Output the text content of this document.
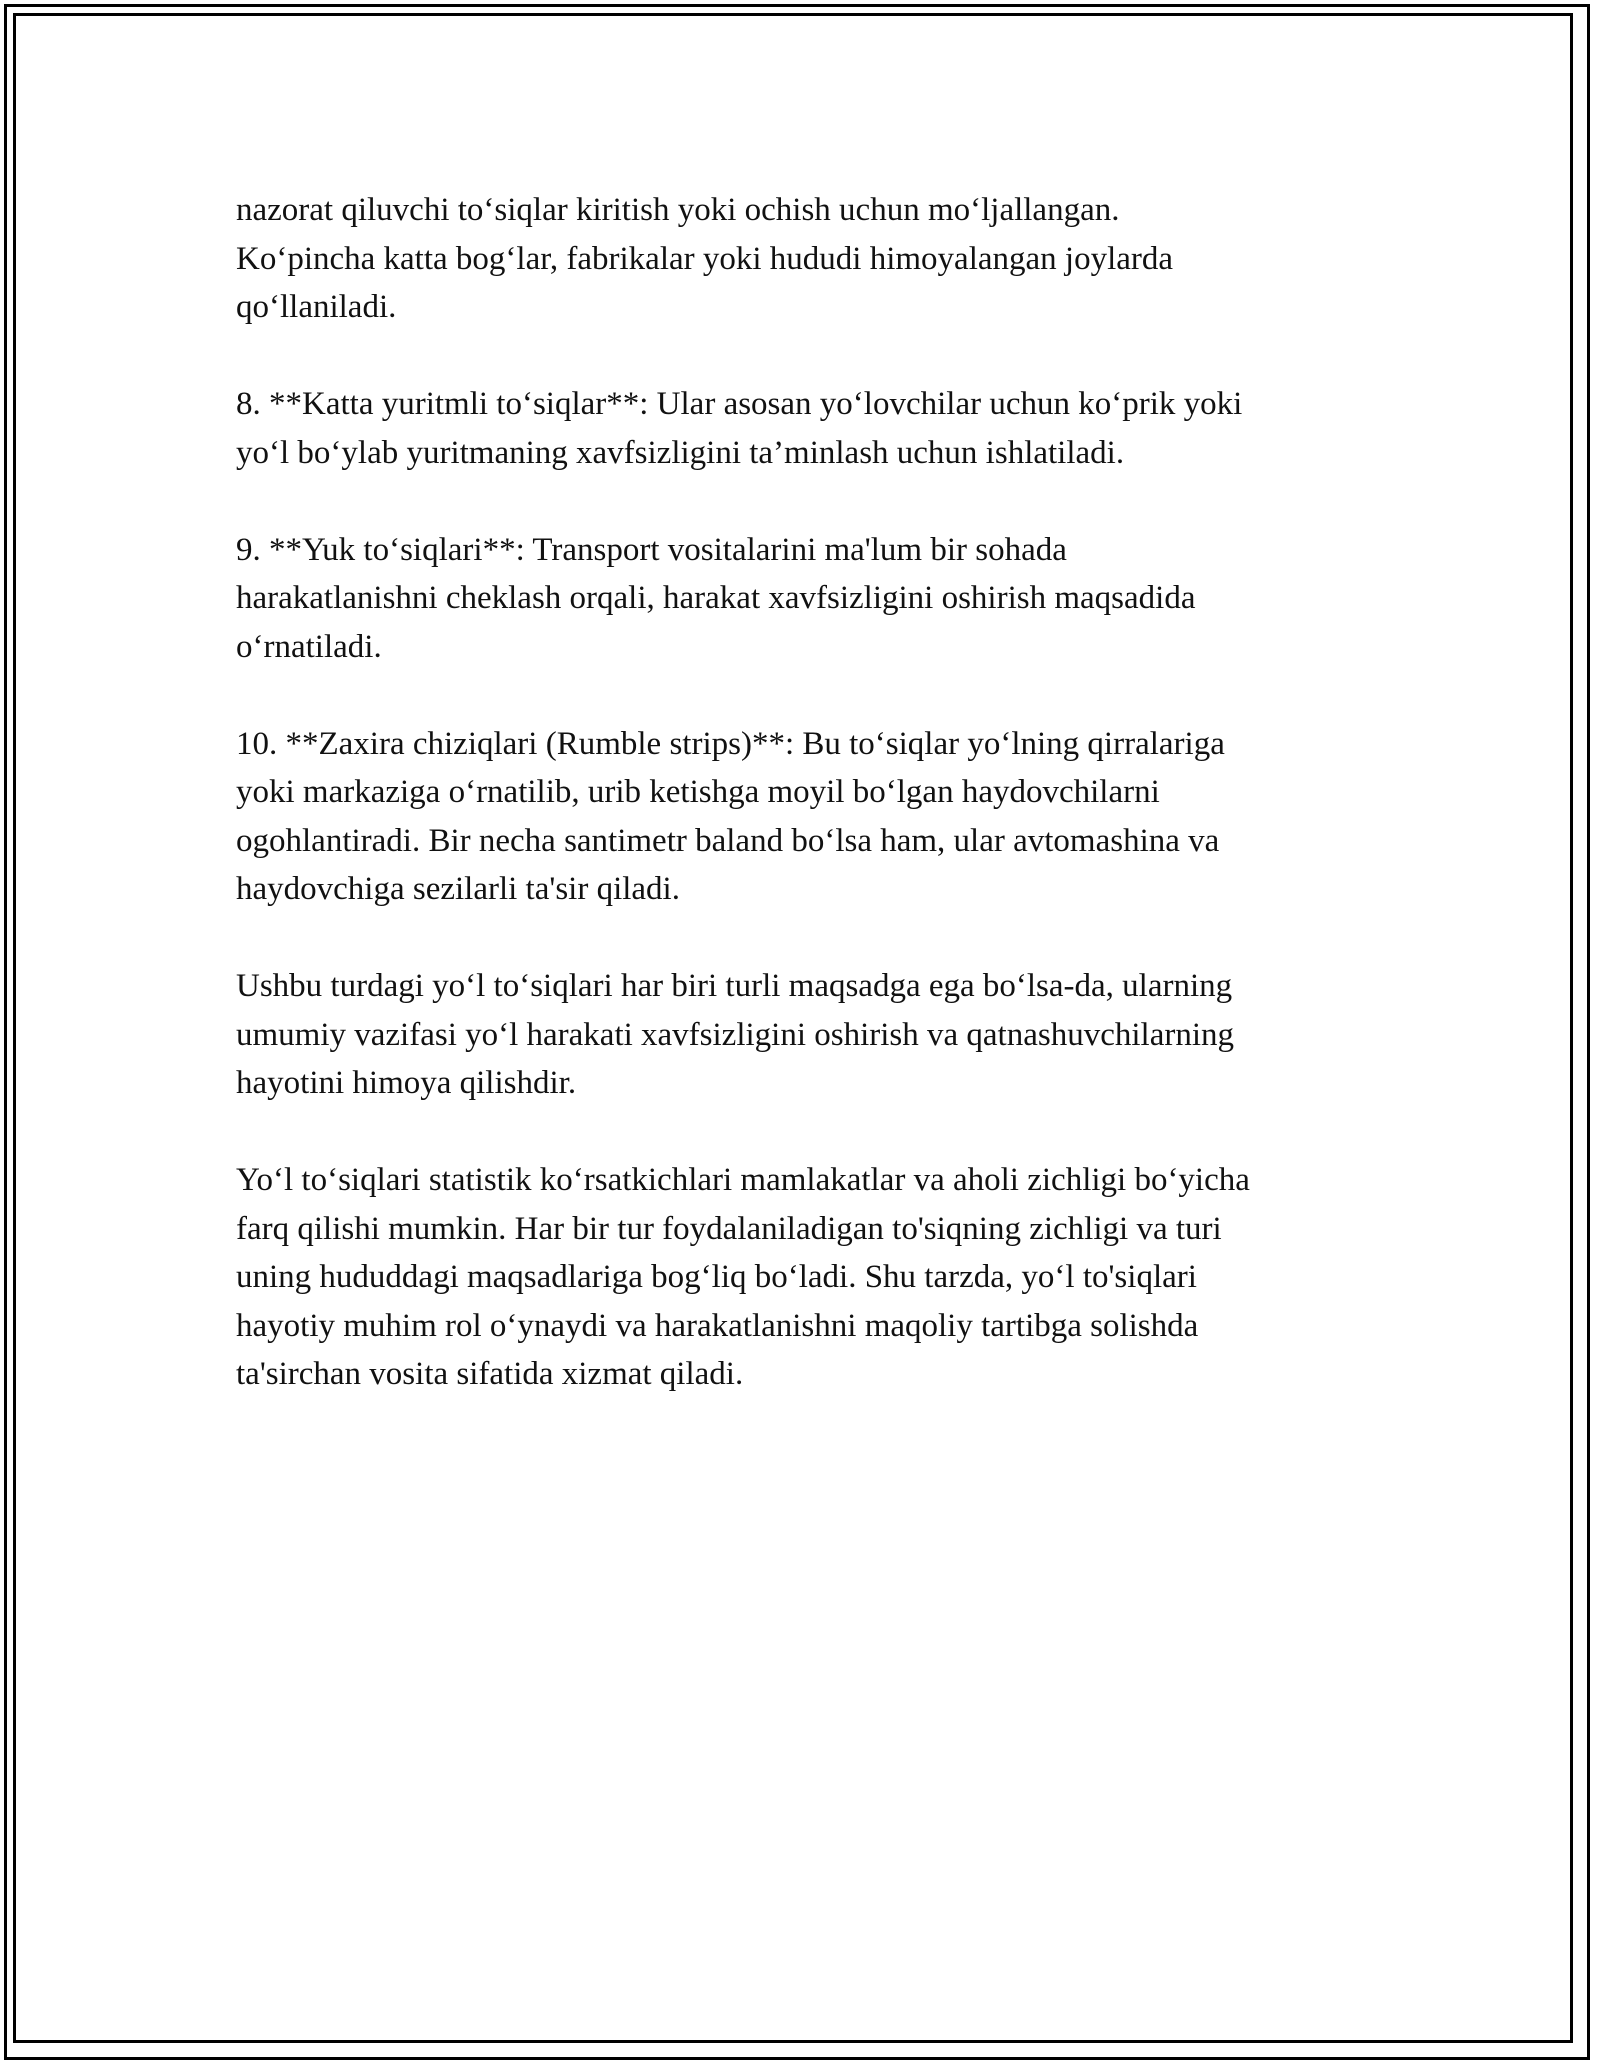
nazorat qiluvchi to‘siqlar kiritish yoki ochish uchun mo‘ljallangan.
Ko‘pincha katta bog‘lar, fabrikalar yoki hududi himoyalangan joylarda
qo‘llaniladi.

8. **Katta yuritmli to‘siqlar**: Ular asosan yo‘lovchilar uchun ko‘prik yoki
yo‘l bo‘ylab yuritmaning xavfsizligini ta’minlash uchun ishlatiladi.

9. **Yuk to‘siqlari**: Transport vositalarini ma'lum bir sohada
harakatlanishni cheklash orqali, harakat xavfsizligini oshirish maqsadida
o‘rnatiladi.

10. **Zaxira chiziqlari (Rumble strips)**: Bu to‘siqlar yo‘lning qirralariga
yoki markaziga o‘rnatilib, urib ketishga moyil bo‘lgan haydovchilarni
ogohlantiradi. Bir necha santimetr baland bo‘lsa ham, ular avtomashina va
haydovchiga sezilarli ta'sir qiladi.

Ushbu turdagi yo‘l to‘siqlari har biri turli maqsadga ega bo‘lsa-da, ularning
umumiy vazifasi yo‘l harakati xavfsizligini oshirish va qatnashuvchilarning
hayotini himoya qilishdir.

Yo‘l to‘siqlari statistik ko‘rsatkichlari mamlakatlar va aholi zichligi bo‘yicha
farq qilishi mumkin. Har bir tur foydalaniladigan to'siqning zichligi va turi
uning hududdagi maqsadlariga bog‘liq bo‘ladi. Shu tarzda, yo‘l to'siqlari
hayotiy muhim rol o‘ynaydi va harakatlanishni maqoliy tartibga solishda
ta'sirchan vosita sifatida xizmat qiladi.
